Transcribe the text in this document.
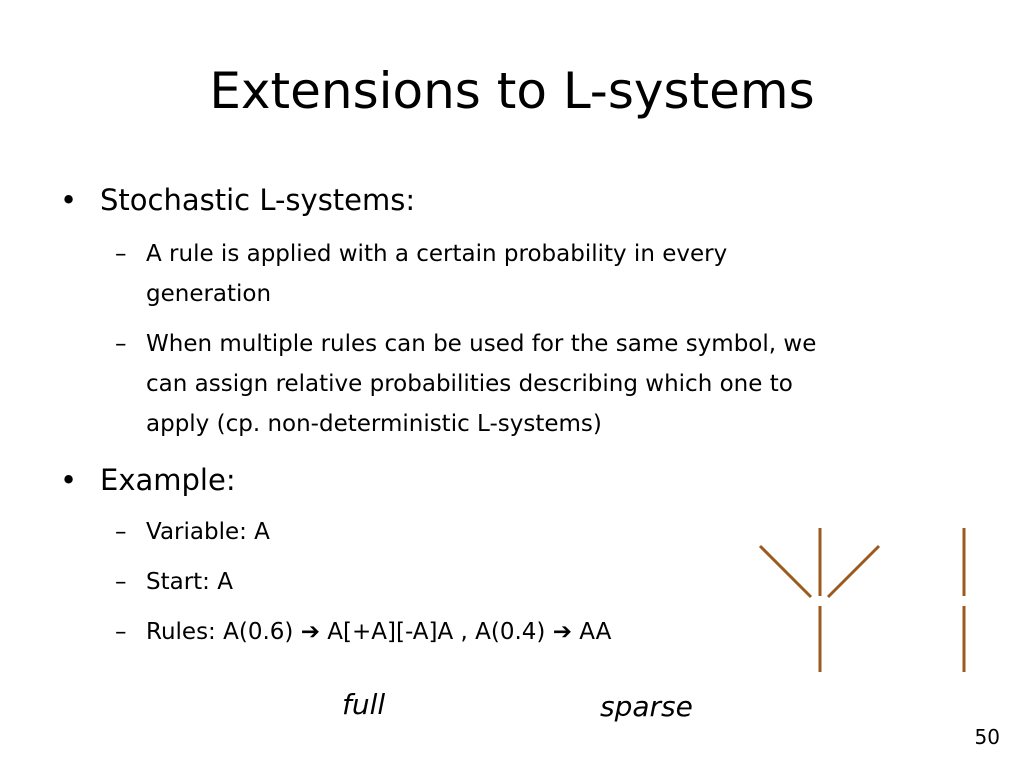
Extensions to L-systems
• Stochastic L-systems:
– A rule is applied with a certain probability in every
generation
– When multiple rules can be used for the same symbol, we
can assign relative probabilities describing which one to
apply (cp. non-deterministic L-systems)
• Example:
– Variable: A
– Start: A
– Rules: A(0.6) ➔ A[+A][-A]A , A(0.4) ➔ AA
full	sparse
50
